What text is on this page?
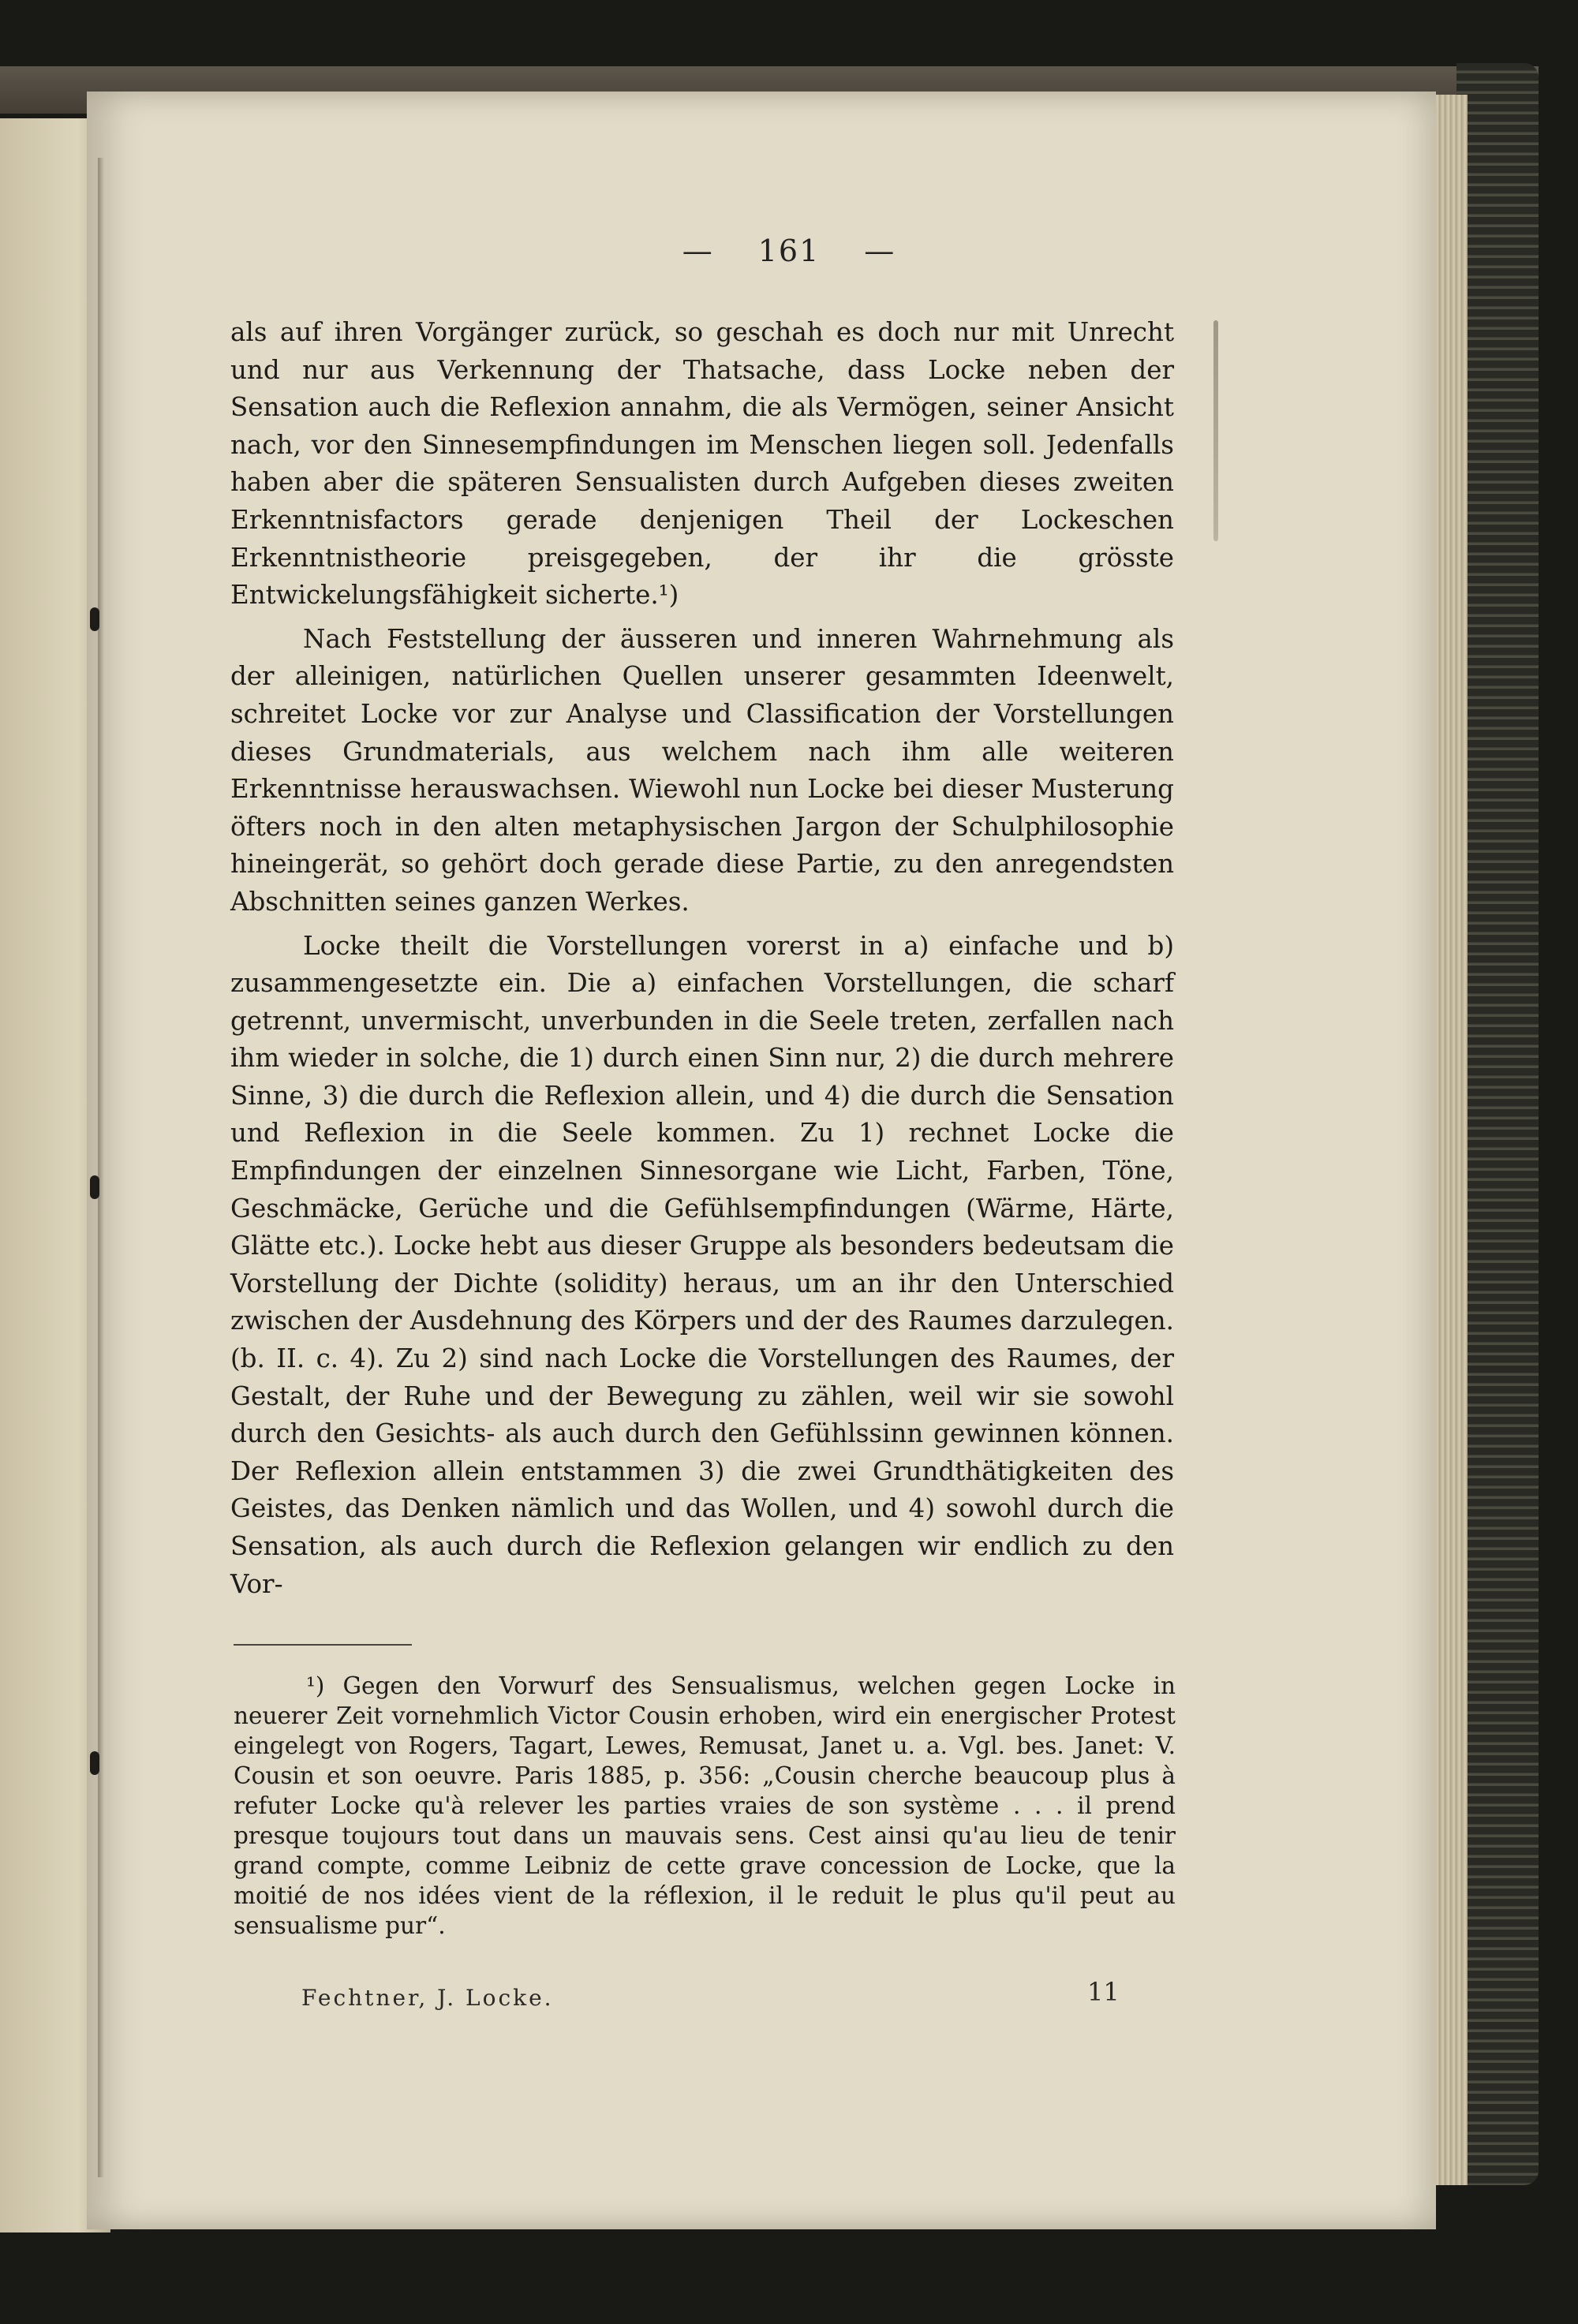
— 161 —

als auf ihren Vorgänger zurück, so geschah es doch nur mit Unrecht und nur aus Verkennung der Thatsache, dass Locke neben der Sensation auch die Reflexion annahm, die als Vermögen, seiner Ansicht nach, vor den Sinnesempfindungen im Menschen liegen soll. Jedenfalls haben aber die späteren Sensualisten durch Aufgeben dieses zweiten Erkenntnisfactors gerade denjenigen Theil der Lockeschen Erkenntnistheorie preisgegeben, der ihr die grösste Entwickelungsfähigkeit sicherte.¹)

Nach Feststellung der äusseren und inneren Wahrnehmung als der alleinigen, natürlichen Quellen unserer gesammten Ideenwelt, schreitet Locke vor zur Analyse und Classification der Vorstellungen dieses Grundmaterials, aus welchem nach ihm alle weiteren Erkenntnisse herauswachsen. Wiewohl nun Locke bei dieser Musterung öfters noch in den alten metaphysischen Jargon der Schulphilosophie hineingerät, so gehört doch gerade diese Partie, zu den anregendsten Abschnitten seines ganzen Werkes.

Locke theilt die Vorstellungen vorerst in a) einfache und b) zusammengesetzte ein. Die a) einfachen Vorstellungen, die scharf getrennt, unvermischt, unverbunden in die Seele treten, zerfallen nach ihm wieder in solche, die 1) durch einen Sinn nur, 2) die durch mehrere Sinne, 3) die durch die Reflexion allein, und 4) die durch die Sensation und Reflexion in die Seele kommen. Zu 1) rechnet Locke die Empfindungen der einzelnen Sinnesorgane wie Licht, Farben, Töne, Geschmäcke, Gerüche und die Gefühlsempfindungen (Wärme, Härte, Glätte etc.). Locke hebt aus dieser Gruppe als besonders bedeutsam die Vorstellung der Dichte (solidity) heraus, um an ihr den Unterschied zwischen der Ausdehnung des Körpers und der des Raumes darzulegen. (b. II. c. 4). Zu 2) sind nach Locke die Vorstellungen des Raumes, der Gestalt, der Ruhe und der Bewegung zu zählen, weil wir sie sowohl durch den Gesichts- als auch durch den Gefühlssinn gewinnen können. Der Reflexion allein entstammen 3) die zwei Grundthätigkeiten des Geistes, das Denken nämlich und das Wollen, und 4) sowohl durch die Sensation, als auch durch die Reflexion gelangen wir endlich zu den Vor-

¹) Gegen den Vorwurf des Sensualismus, welchen gegen Locke in neuerer Zeit vornehmlich Victor Cousin erhoben, wird ein energischer Protest eingelegt von Rogers, Tagart, Lewes, Remusat, Janet u. a. Vgl. bes. Janet: V. Cousin et son oeuvre. Paris 1885, p. 356: „Cousin cherche beaucoup plus à refuter Locke qu'à relever les parties vraies de son système . . . il prend presque toujours tout dans un mauvais sens. Cest ainsi qu'au lieu de tenir grand compte, comme Leibniz de cette grave concession de Locke, que la moitié de nos idées vient de la réflexion, il le reduit le plus qu'il peut au sensualisme pur“.

Fechtner, J. Locke.	11
